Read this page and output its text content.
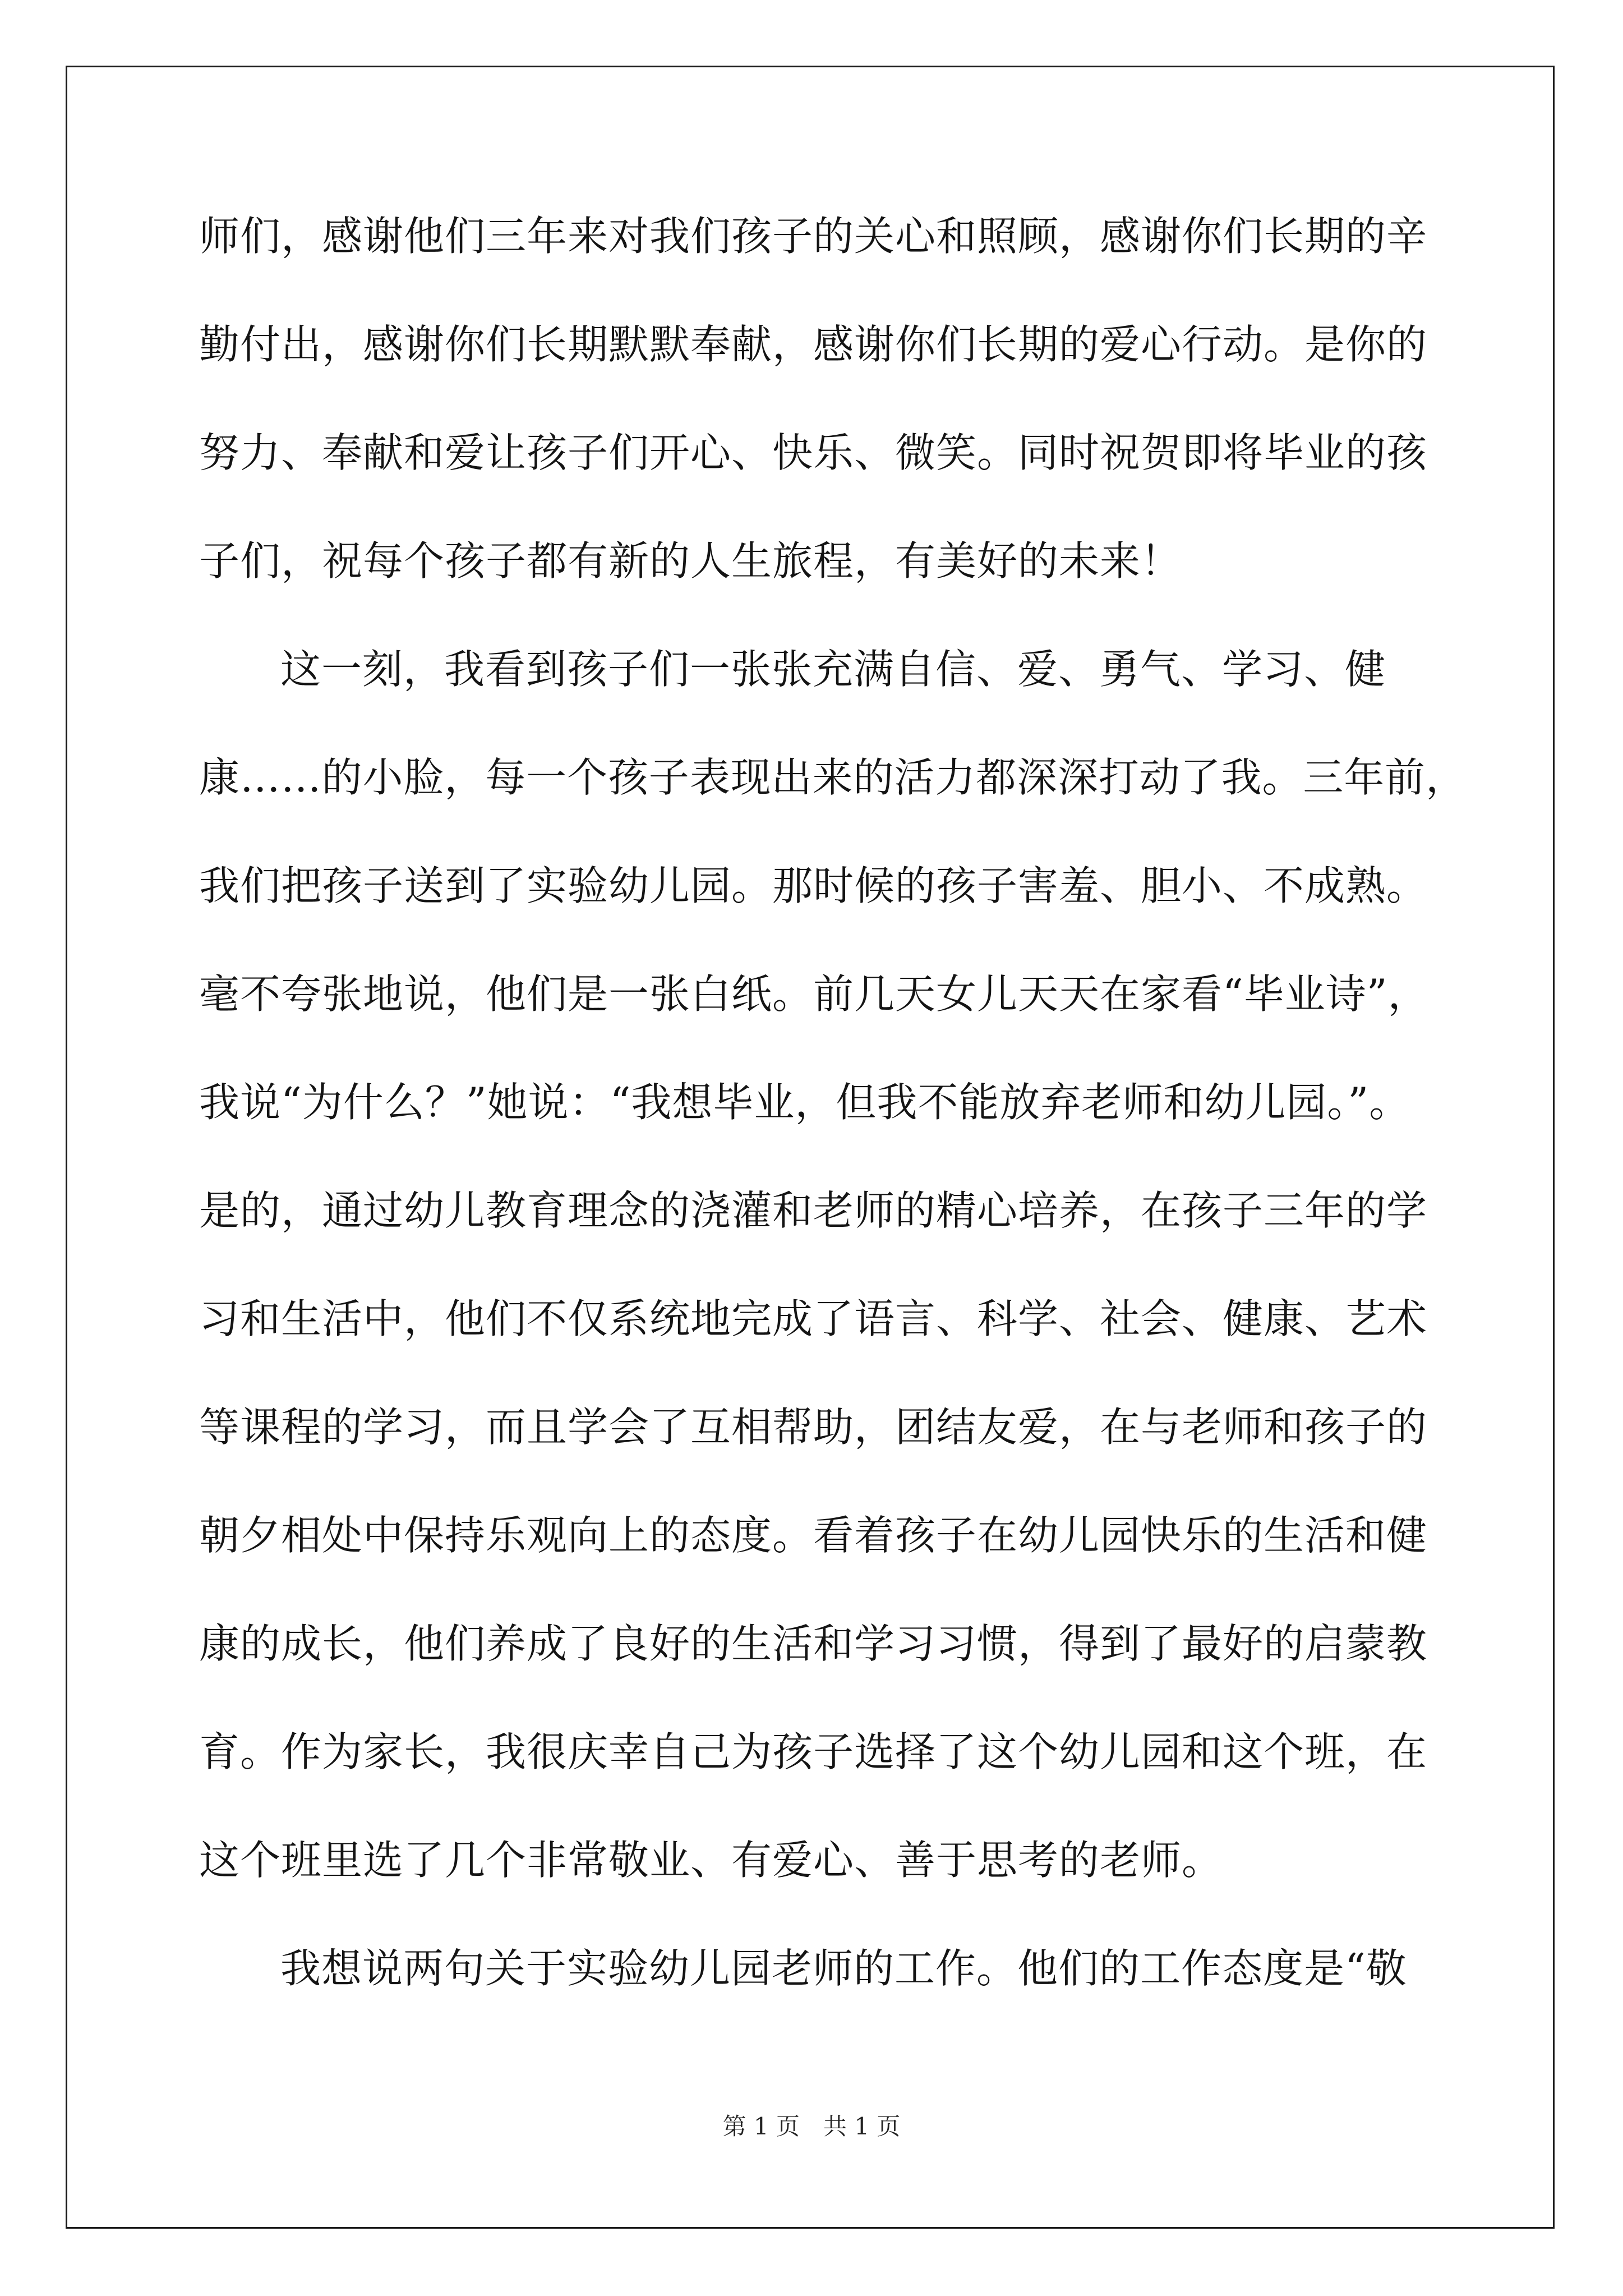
师们，感谢他们三年来对我们孩子的关心和照顾，感谢你们长期的辛
勤付出，感谢你们长期默默奉献，感谢你们长期的爱心行动。是你的
努力、奉献和爱让孩子们开心、快乐、微笑。同时祝贺即将毕业的孩
子们，祝每个孩子都有新的人生旅程，有美好的未来！
这一刻，我看到孩子们一张张充满自信、爱、勇气、学习、健
康……的小脸，每一个孩子表现出来的活力都深深打动了我。三年前，
我们把孩子送到了实验幼儿园。那时候的孩子害羞、胆小、不成熟。
毫不夸张地说，他们是一张白纸。前几天女儿天天在家看“毕业诗”，
我说“为什么？”她说：“我想毕业，但我不能放弃老师和幼儿园。”。
是的，通过幼儿教育理念的浇灌和老师的精心培养，在孩子三年的学
习和生活中，他们不仅系统地完成了语言、科学、社会、健康、艺术
等课程的学习，而且学会了互相帮助，团结友爱，在与老师和孩子的
朝夕相处中保持乐观向上的态度。看着孩子在幼儿园快乐的生活和健
康的成长，他们养成了良好的生活和学习习惯，得到了最好的启蒙教
育。作为家长，我很庆幸自己为孩子选择了这个幼儿园和这个班，在
这个班里选了几个非常敬业、有爱心、善于思考的老师。
我想说两句关于实验幼儿园老师的工作。他们的工作态度是“敬
第 1 页　共 1 页
